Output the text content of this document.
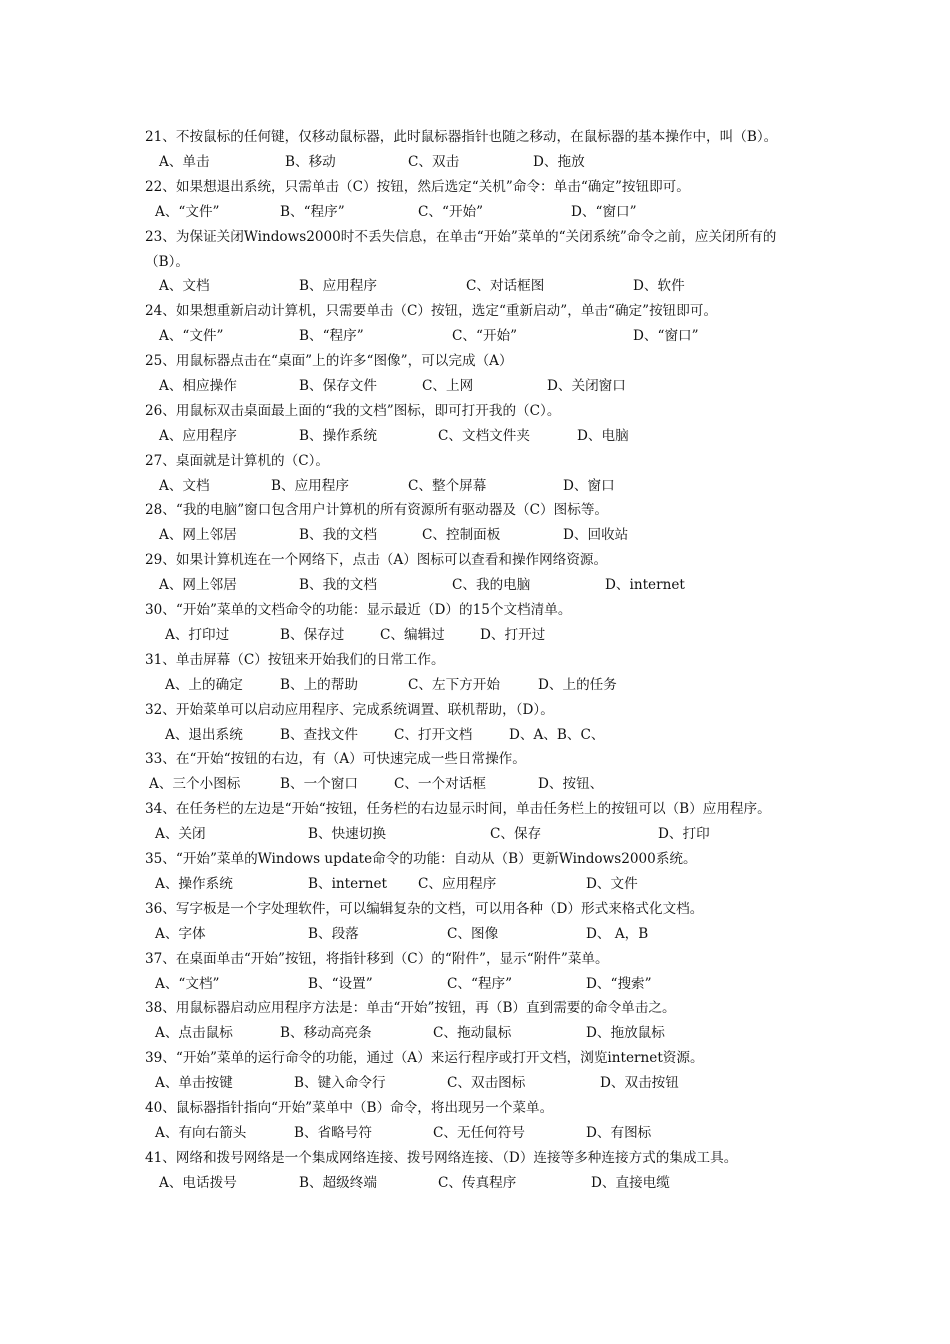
21、不按鼠标的任何键，仅移动鼠标器，此时鼠标器指针也随之移动，在鼠标器的基本操作中，叫（B）。
A、单击	B、移动	C、双击	D、拖放
22、如果想退出系统，只需单击（C）按钮，然后选定“关机”命令：单击“确定”按钮即可。
A、“文件”	B、“程序”	C、“开始”	D、“窗口”
23、为保证关闭Windows2000时不丢失信息，在单击“开始”菜单的“关闭系统”命令之前，应关闭所有的（B）。
A、文档	B、应用程序	C、对话框图	D、软件
24、如果想重新启动计算机，只需要单击（C）按钮，选定“重新启动”，单击“确定”按钮即可。
A、“文件”	B、“程序”	C、“开始”	D、“窗口”
25、用鼠标器点击在“桌面”上的许多“图像”，可以完成（A）
A、相应操作	B、保存文件	C、上网	D、关闭窗口
26、用鼠标双击桌面最上面的“我的文档”图标，即可打开我的（C）。
A、应用程序	B、操作系统	C、文档文件夹	D、电脑
27、桌面就是计算机的（C）。
A、文档	B、应用程序	C、整个屏幕	D、窗口
28、“我的电脑”窗口包含用户计算机的所有资源所有驱动器及（C）图标等。
A、网上邻居	B、我的文档	C、控制面板	D、回收站
29、如果计算机连在一个网络下，点击（A）图标可以查看和操作网络资源。
A、网上邻居	B、我的文档	C、我的电脑	D、internet
30、“开始”菜单的文档命令的功能：显示最近（D）的15个文档清单。
A、打印过	B、保存过	C、编辑过	D、打开过
31、单击屏幕（C）按钮来开始我们的日常工作。
A、上的确定	B、上的帮助	C、左下方开始	D、上的任务
32、开始菜单可以启动应用程序、完成系统调置、联机帮助，（D）。
A、退出系统	B、查找文件	C、打开文档	D、A、B、C、
33、在“开始“按钮的右边，有（A）可快速完成一些日常操作。
A、三个小图标	B、一个窗口	C、一个对话框	D、按钮、
34、在任务栏的左边是“开始“按钮，任务栏的右边显示时间，单击任务栏上的按钮可以（B）应用程序。
A、关闭	B、快速切换	C、保存	D、打印
35、“开始”菜单的Windows update命令的功能：自动从（B）更新Windows2000系统。
A、操作系统	B、internet C、应用程序	D、文件
36、写字板是一个字处理软件，可以编辑复杂的文档，可以用各种（D）形式来格式化文档。
A、字体	B、段落	C、图像	D、 A，B
37、在桌面单击“开始”按钮，将指针移到（C）的“附件”，显示“附件”菜单。
A、“文档”	B、“设置”	C、“程序”	D、“搜索”
38、用鼠标器启动应用程序方法是：单击“开始”按钮，再（B）直到需要的命令单击之。
A、点击鼠标	B、移动高亮条	C、拖动鼠标	D、拖放鼠标
39、“开始”菜单的运行命令的功能，通过（A）来运行程序或打开文档，浏览internet资源。
A、单击按键	B、键入命令行	C、双击图标	D、双击按钮
40、鼠标器指针指向“开始”菜单中（B）命令，将出现另一个菜单。
A、有向右箭头	B、省略号符	C、无任何符号	D、有图标
41、网络和拨号网络是一个集成网络连接、拨号网络连接、（D）连接等多种连接方式的集成工具。
A、电话拨号	B、超级终端	C、传真程序	D、直接电缆
